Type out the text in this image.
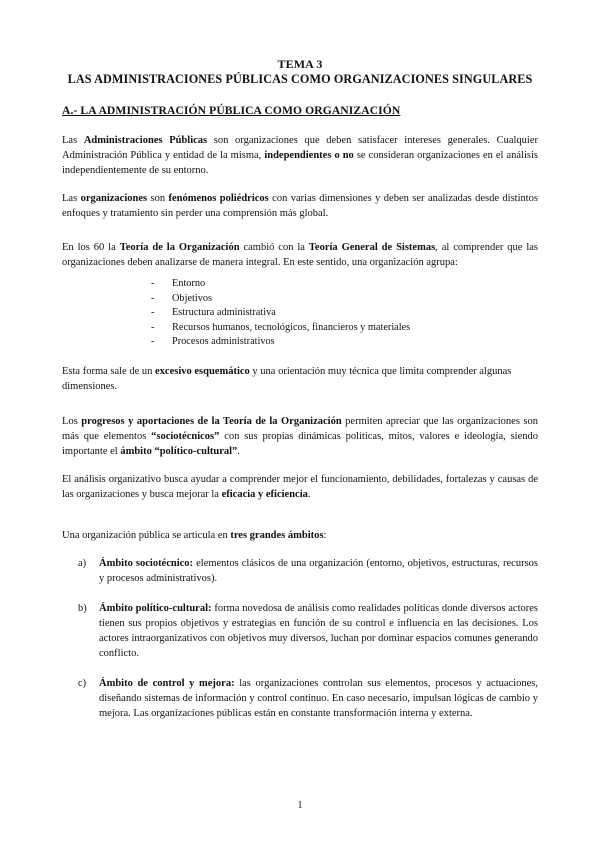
TEMA 3
LAS ADMINISTRACIONES PÚBLICAS COMO ORGANIZACIONES SINGULARES
A.- LA ADMINISTRACIÓN PÚBLICA COMO ORGANIZACIÓN
Las Administraciones Públicas son organizaciones que deben satisfacer intereses generales. Cualquier Administración Pública y entidad de la misma, independientes o no se consideran organizaciones en el análisis independientemente de su entorno.
Las organizaciones son fenómenos poliédricos con varias dimensiones y deben ser analizadas desde distintos enfoques y tratamiento sin perder una comprensión más global.
En los 60 la Teoría de la Organización cambió con la Teoría General de Sistemas, al comprender que las organizaciones deben analizarse de manera integral. En este sentido, una organización agrupa:
- Entorno
- Objetivos
- Estructura administrativa
- Recursos humanos, tecnológicos, financieros y materiales
- Procesos administrativos
Esta forma sale de un excesivo esquemático y una orientación muy técnica que limita comprender algunas dimensiones.
Los progresos y aportaciones de la Teoría de la Organización permiten apreciar que las organizaciones son más que elementos “sociotécnicos” con sus propias dinámicas políticas, mitos, valores e ideología, siendo importante el ámbito “político-cultural”.
El análisis organizativo busca ayudar a comprender mejor el funcionamiento, debilidades, fortalezas y causas de las organizaciones y busca mejorar la eficacia y eficiencia.
Una organización pública se articula en tres grandes ámbitos:
a) Ámbito sociotécnico: elementos clásicos de una organización (entorno, objetivos, estructuras, recursos y procesos administrativos).
b) Ámbito político-cultural: forma novedosa de análisis como realidades políticas donde diversos actores tienen sus propios objetivos y estrategias en función de su control e influencia en las decisiones. Los actores intraorganizativos con objetivos muy diversos, luchan por dominar espacios comunes generando conflicto.
c) Ámbito de control y mejora: las organizaciones controlan sus elementos, procesos y actuaciones, diseñando sistemas de información y control continuo. En caso necesario, impulsan lógicas de cambio y mejora. Las organizaciones públicas están en constante transformación interna y externa.
1
